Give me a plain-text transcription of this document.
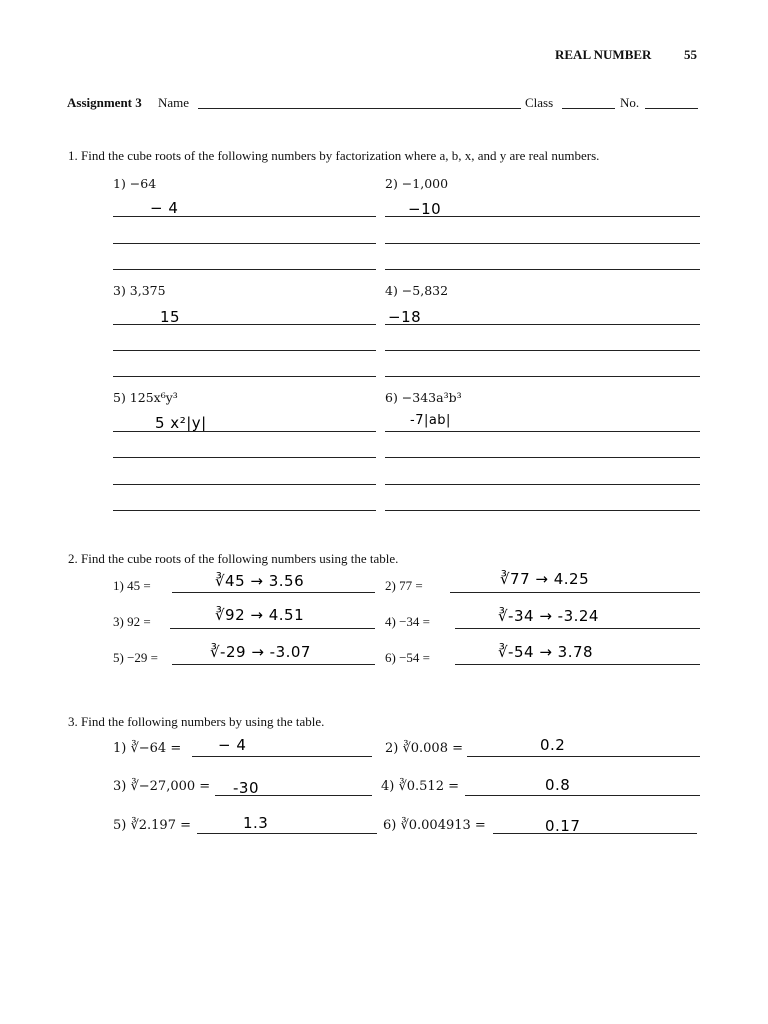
REAL NUMBER	55
Assignment 3 Name	Class	No.
1. Find the cube roots of the following numbers by factorization where a, b, x, and y are real numbers.
1) −64
− 4
2) −1,000
−10
3) 3,375
15
4) −5,832
−18
5) 125x⁶y³
5 x²|y|
6) −343a³b³
-7|ab|
2. Find the cube roots of the following numbers using the table.
1) 45 =	∛45 → 3.56	2) 77 =	∛77 → 4.25
3) 92 =	∛92 → 4.51	4) −34 =	∛-34 → -3.24
5) −29 =	∛-29 → -3.07	6) −54 =	∛-54 → 3.78
3. Find the following numbers by using the table.
1) ∛−64 = − 4	2) ∛0.008 =	0.2
3) ∛−27,000 = -30	4) ∛0.512 =	0.8
5) ∛2.197 =	1.3	6) ∛0.004913 =	0.17
